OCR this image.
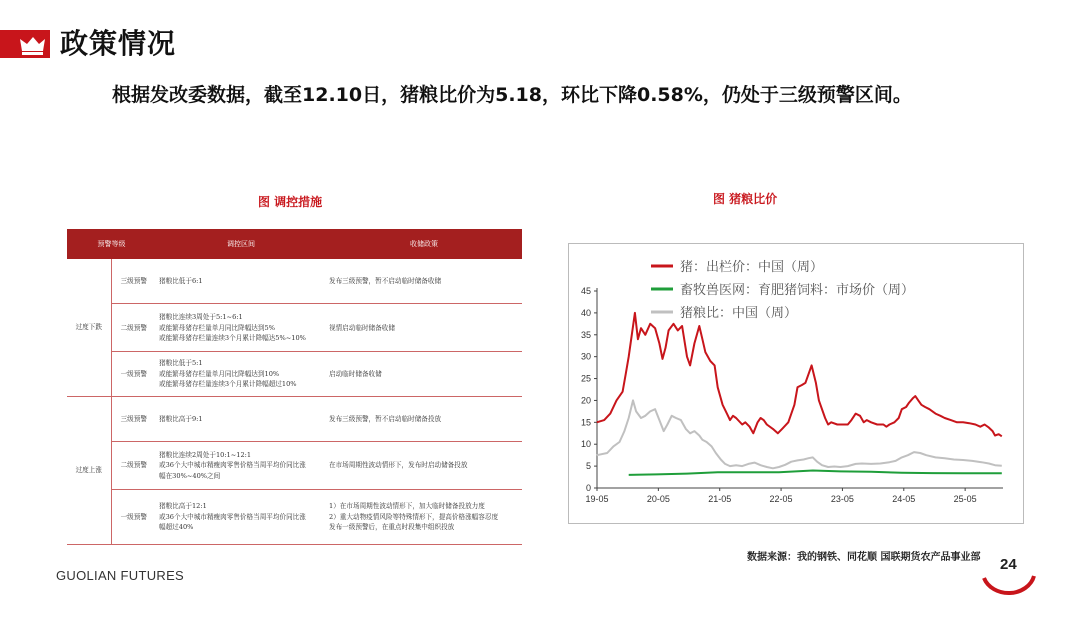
政策情况
根据发改委数据，截至12.10日，猪粮比价为5.18，环比下降0.58%，仍处于三级预警区间。
图 调控措施
预警等级		调控区间	收储政策
过度下跌	三级预警	猪粮比低于6:1	发布三级预警，暂不启动临时储备收储
	二级预警	猪粮比连续3周处于5:1~6:1
或能繁母猪存栏量单月同比降幅达到5%
或能繁母猪存栏量连续3个月累计降幅达5%~10%	视情启动临时储备收储
	一级预警	猪粮比低于5:1
或能繁母猪存栏量单月同比降幅达到10%
或能繁母猪存栏量连续3个月累计降幅超过10%	启动临时储备收储
过度上涨	三级预警	猪粮比高于9:1	发布三级预警，暂不启动临时储备投放
	二级预警	猪粮比连续2周处于10:1~12:1
或36个大中城市精瘦肉零售价格当周平均价同比涨
幅在30%~40%之间	在市场周期性波动情形下，发布时启动储备投放
	一级预警	猪粮比高于12:1
或36个大中城市精瘦肉零售价格当周平均价同比涨
幅超过40%	1）在市场周期性波动情形下，加大临时储备投放力度
2）重大动物疫情风险等特殊情形下，提高价格涨幅容忍度
发布一级预警后，在重点时段集中组织投放
图 猪粮比价
0
5
10
15
20
25
30
35
40
45
19-05	20-05	21-05	22-05	23-05	24-05	25-05
猪：出栏价：中国（周）
畜牧兽医网：育肥猪饲料：市场价（周）
猪粮比：中国（周）
数据来源：我的钢铁、同花顺 国联期货农产品事业部
GUOLIAN FUTURES
24
